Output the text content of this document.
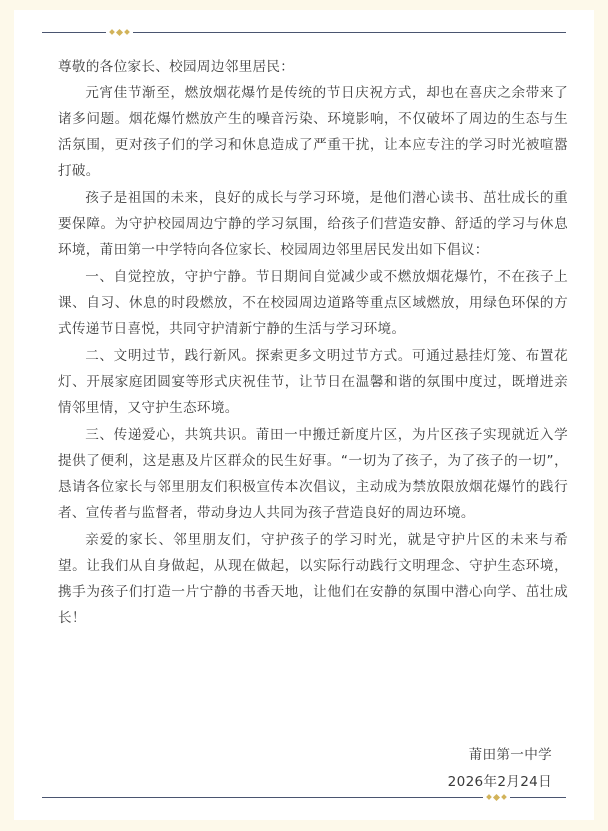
尊敬的各位家长、校园周边邻里居民：

元宵佳节渐至，燃放烟花爆竹是传统的节日庆祝方式，却也在喜庆之余带来了诸多问题。烟花爆竹燃放产生的噪音污染、环境影响，不仅破坏了周边的生态与生活氛围，更对孩子们的学习和休息造成了严重干扰，让本应专注的学习时光被喧嚣打破。

孩子是祖国的未来，良好的成长与学习环境，是他们潜心读书、茁壮成长的重要保障。为守护校园周边宁静的学习氛围，给孩子们营造安静、舒适的学习与休息环境，莆田第一中学特向各位家长、校园周边邻里居民发出如下倡议：

一、自觉控放，守护宁静。节日期间自觉减少或不燃放烟花爆竹，不在孩子上课、自习、休息的时段燃放，不在校园周边道路等重点区域燃放，用绿色环保的方式传递节日喜悦，共同守护清新宁静的生活与学习环境。

二、文明过节，践行新风。探索更多文明过节方式。可通过悬挂灯笼、布置花灯、开展家庭团圆宴等形式庆祝佳节，让节日在温馨和谐的氛围中度过，既增进亲情邻里情，又守护生态环境。

三、传递爱心，共筑共识。莆田一中搬迁新度片区，为片区孩子实现就近入学提供了便利，这是惠及片区群众的民生好事。“一切为了孩子，为了孩子的一切”，恳请各位家长与邻里朋友们积极宣传本次倡议，主动成为禁放限放烟花爆竹的践行者、宣传者与监督者，带动身边人共同为孩子营造良好的周边环境。

亲爱的家长、邻里朋友们，守护孩子的学习时光，就是守护片区的未来与希望。让我们从自身做起，从现在做起，以实际行动践行文明理念、守护生态环境，携手为孩子们打造一片宁静的书香天地，让他们在安静的氛围中潜心向学、茁壮成长！

莆田第一中学
2026年2月24日
